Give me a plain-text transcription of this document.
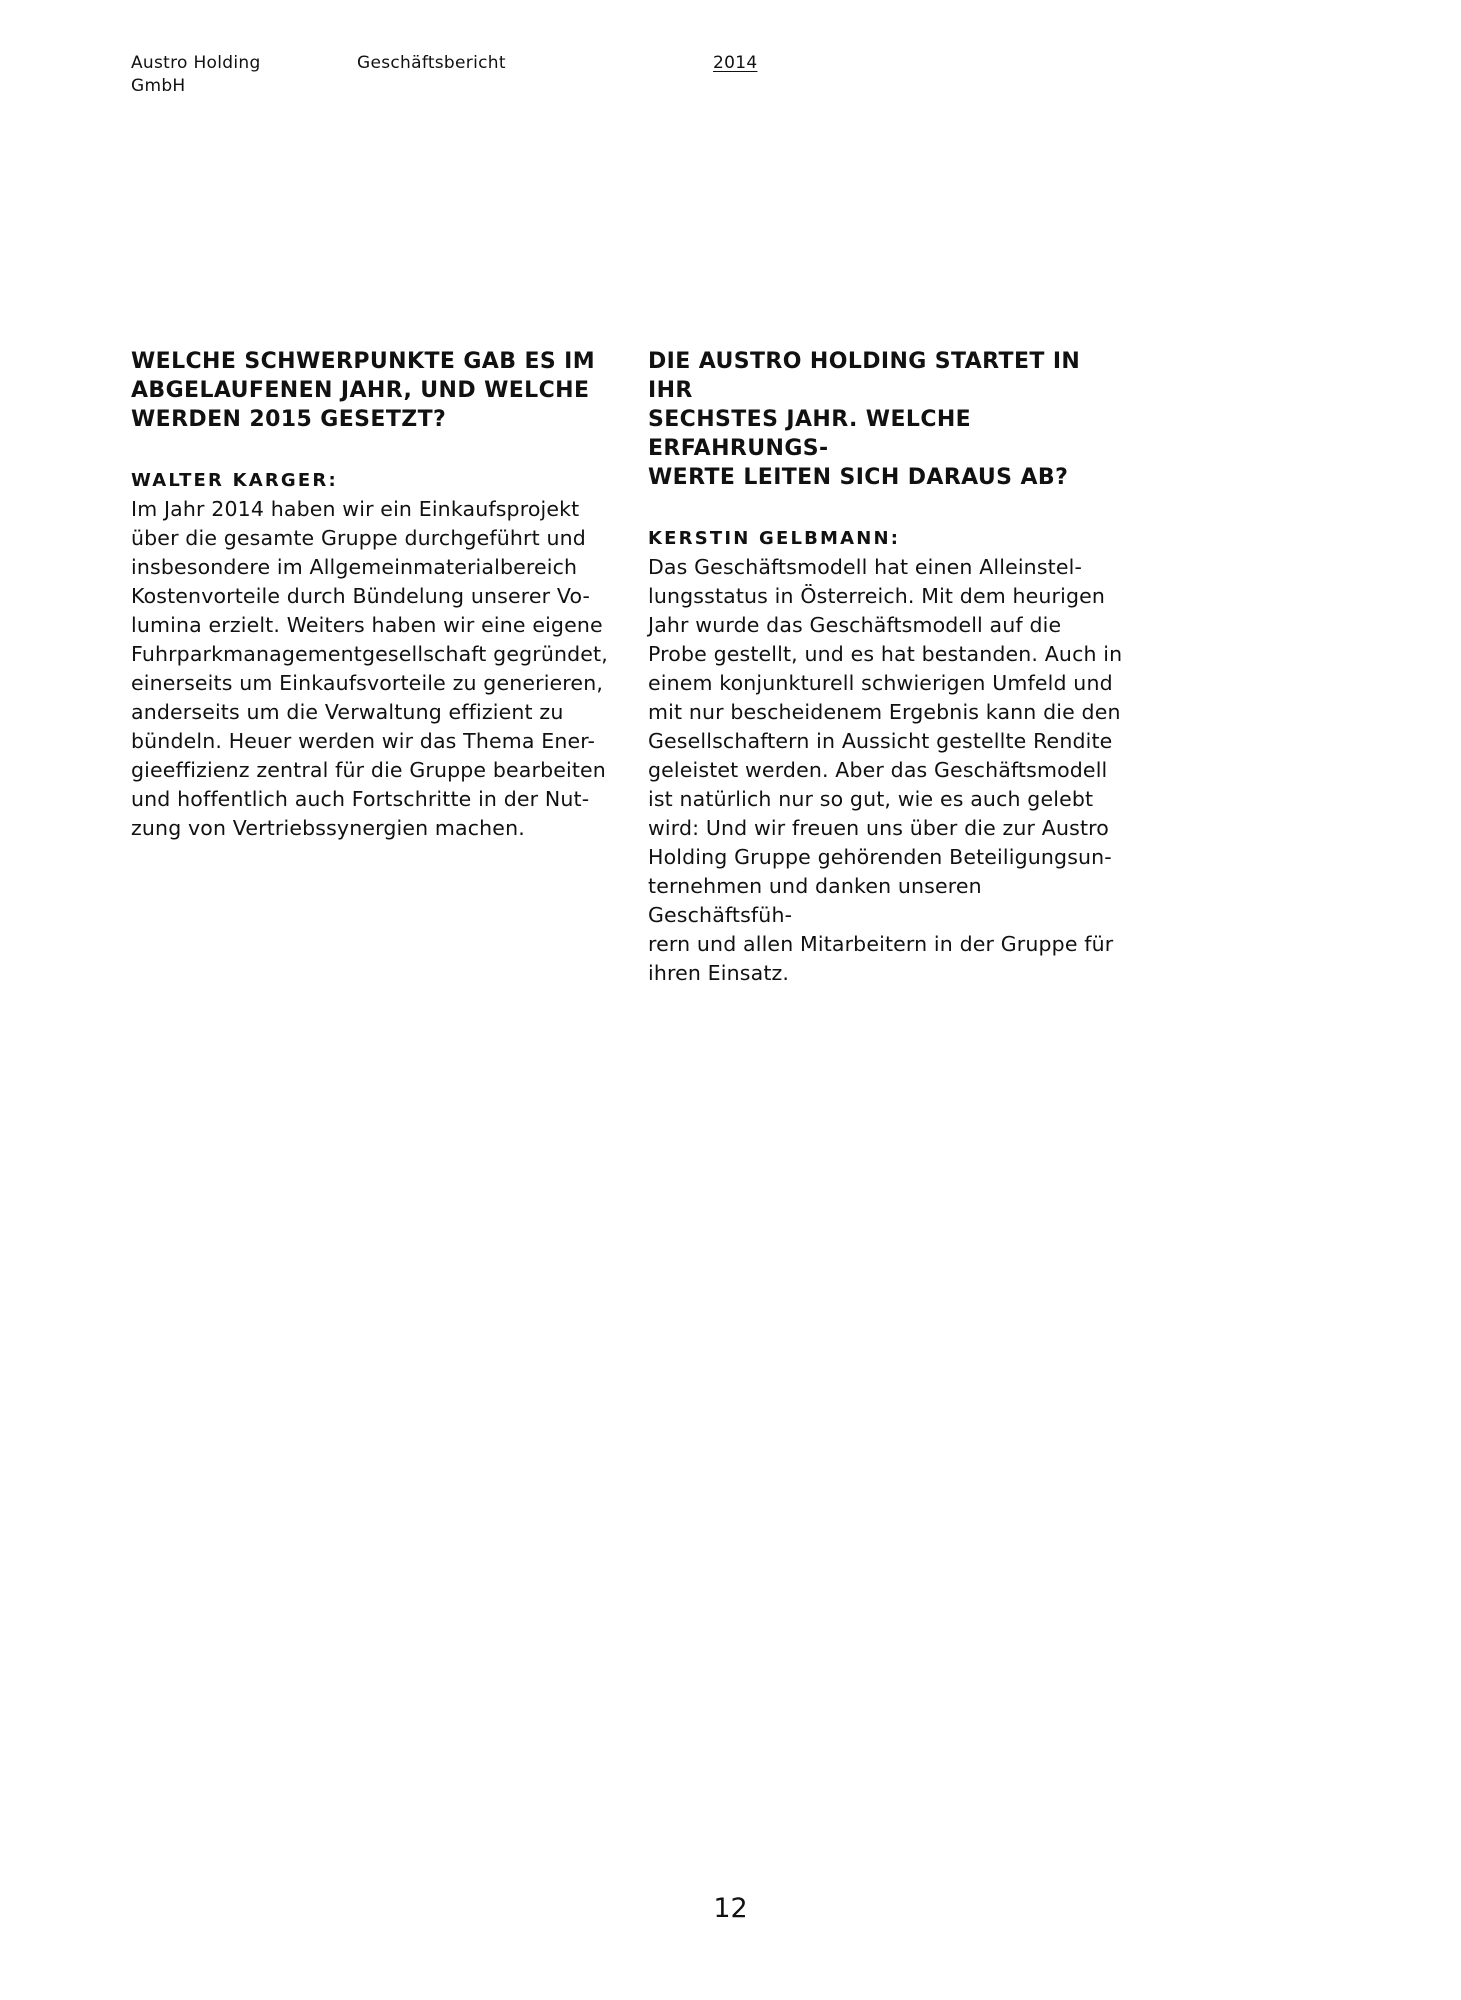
Austro Holding GmbH
Geschäftsbericht	2014
WELCHE SCHWERPUNKTE GAB ES IM
ABGELAUFENEN JAHR, UND WELCHE
WERDEN 2015 GESETZT?
WALTER KARGER:

Im Jahr 2014 haben wir ein Einkaufsprojekt
über die gesamte Gruppe durchgeführt und
insbesondere im Allgemeinmaterialbereich
Kostenvorteile durch Bündelung unserer Vo-
lumina erzielt. Weiters haben wir eine eigene
Fuhrparkmanagementgesellschaft gegründet,
einerseits um Einkaufsvorteile zu generieren,
anderseits um die Verwaltung effizient zu
bündeln. Heuer werden wir das Thema Ener-
gieeffizienz zentral für die Gruppe bearbeiten
und hoffentlich auch Fortschritte in der Nut-
zung von Vertriebssynergien machen.

DIE AUSTRO HOLDING STARTET IN IHR
SECHSTES JAHR. WELCHE ERFAHRUNGS-
WERTE LEITEN SICH DARAUS AB?
KERSTIN GELBMANN:

Das Geschäftsmodell hat einen Alleinstel-
lungsstatus in Österreich. Mit dem heurigen
Jahr wurde das Geschäftsmodell auf die
Probe gestellt, und es hat bestanden. Auch in
einem konjunkturell schwierigen Umfeld und
mit nur bescheidenem Ergebnis kann die den
Gesellschaftern in Aussicht gestellte Rendite
geleistet werden. Aber das Geschäftsmodell
ist natürlich nur so gut, wie es auch gelebt
wird: Und wir freuen uns über die zur Austro
Holding Gruppe gehörenden Beteiligungsun-
ternehmen und danken unseren Geschäftsfüh-
rern und allen Mitarbeitern in der Gruppe für
ihren Einsatz.

12
